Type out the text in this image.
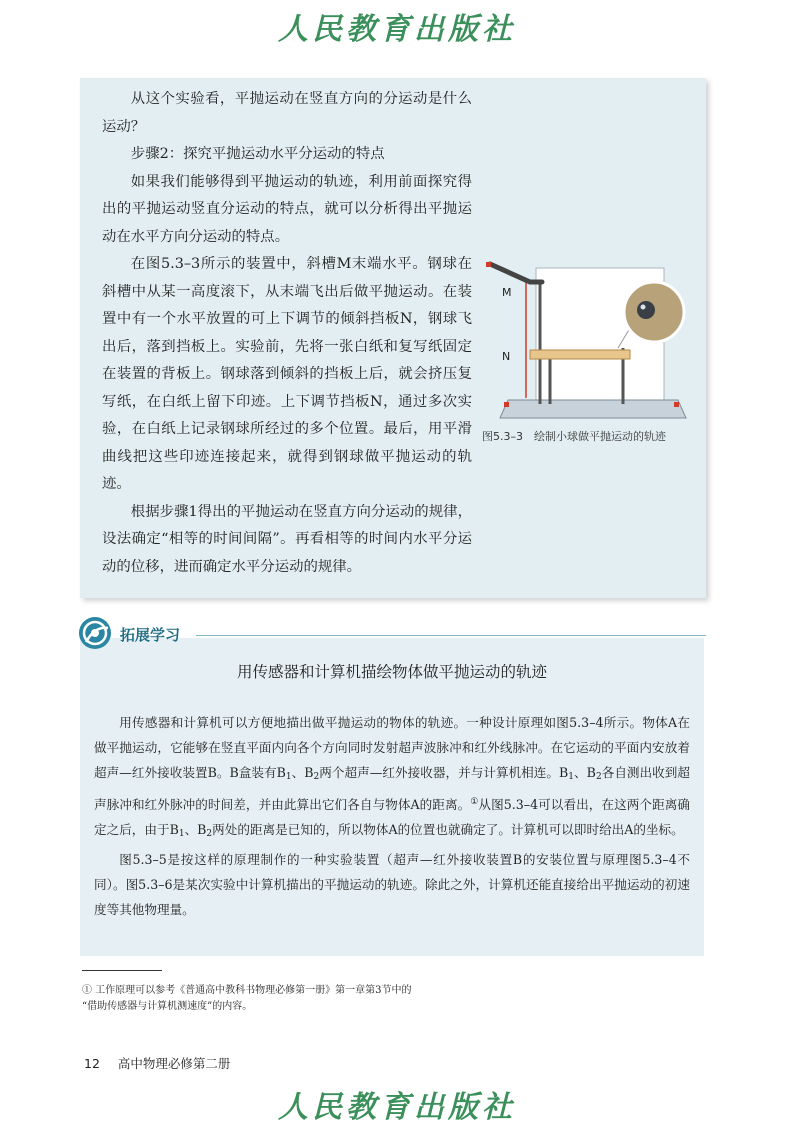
人民教育出版社

从这个实验看，平抛运动在竖直方向的分运动是什么运动？

步骤2：探究平抛运动水平分运动的特点

如果我们能够得到平抛运动的轨迹，利用前面探究得出的平抛运动竖直分运动的特点，就可以分析得出平抛运动在水平方向分运动的特点。

在图5.3–3所示的装置中，斜槽M末端水平。钢球在斜槽中从某一高度滚下，从末端飞出后做平抛运动。在装置中有一个水平放置的可上下调节的倾斜挡板N，钢球飞出后，落到挡板上。实验前，先将一张白纸和复写纸固定在装置的背板上。钢球落到倾斜的挡板上后，就会挤压复写纸，在白纸上留下印迹。上下调节挡板N，通过多次实验，在白纸上记录钢球所经过的多个位置。最后，用平滑曲线把这些印迹连接起来，就得到钢球做平抛运动的轨迹。

根据步骤1得出的平抛运动在竖直方向分运动的规律，设法确定“相等的时间间隔”。再看相等的时间内水平分运动的位移，进而确定水平分运动的规律。

M
N
图5.3–3　绘制小球做平抛运动的轨迹
用传感器和计算机描绘物体做平抛运动的轨迹

用传感器和计算机可以方便地描出做平抛运动的物体的轨迹。一种设计原理如图5.3–4所示。物体A在做平抛运动，它能够在竖直平面内向各个方向同时发射超声波脉冲和红外线脉冲。在它运动的平面内安放着超声—红外接收装置B。B盒装有$B_1$、$B_2$两个超声—红外接收器，并与计算机相连。$B_1$、$B_2$各自测出收到超声脉冲和红外脉冲的时间差，并由此算出它们各自与物体A的距离。①从图5.3–4可以看出，在这两个距离确定之后，由于$B_1$、$B_2$两处的距离是已知的，所以物体A的位置也就确定了。计算机可以即时给出A的坐标。

图5.3–5是按这样的原理制作的一种实验装置（超声—红外接收装置B的安装位置与原理图5.3–4不同）。图5.3–6是某次实验中计算机描出的平抛运动的轨迹。除此之外，计算机还能直接给出平抛运动的初速度等其他物理量。

拓展学习
① 工作原理可以参考《普通高中教科书物理必修第一册》第一章第3节中的
“借助传感器与计算机测速度”的内容。
12 高中物理必修第二册
人民教育出版社
